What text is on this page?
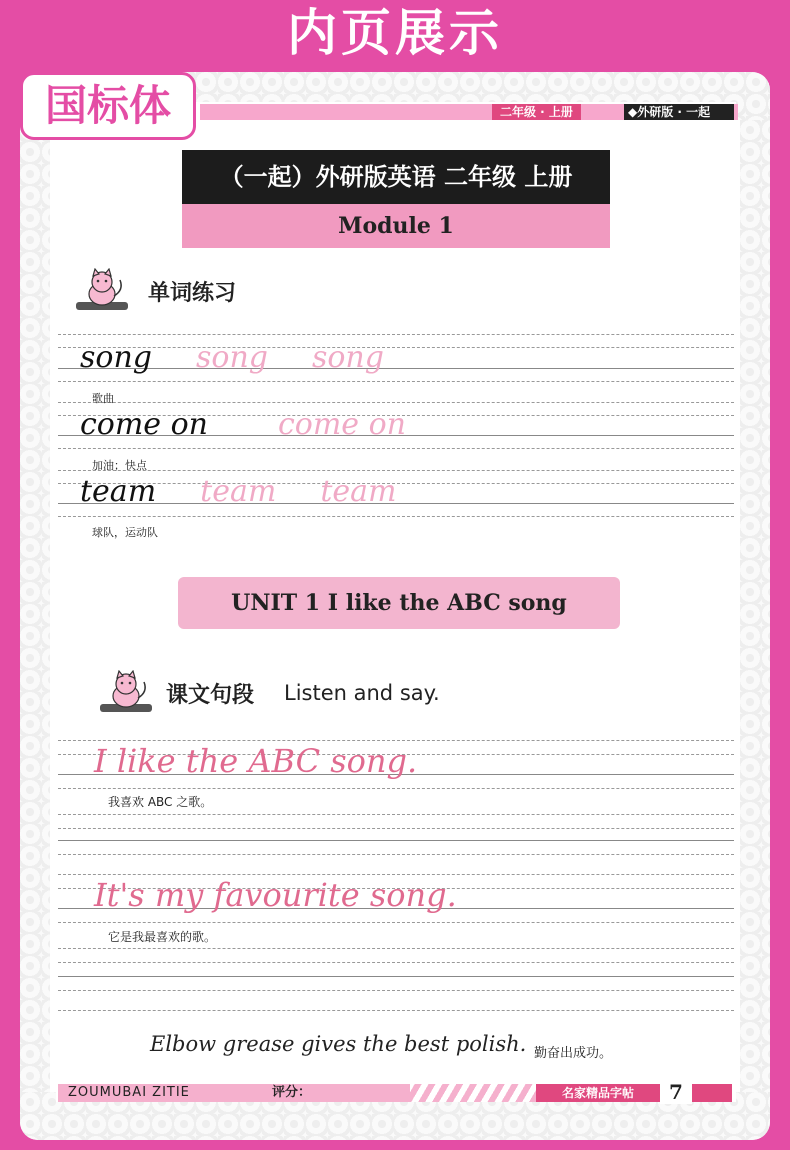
内页展示
国标体	二年级 · 上册	◆外研版 · 一起
（一起）外研版英语 二年级 上册
Module 1
单词练习
song song song
歌曲
come on come on
加油；快点
team team team
球队，运动队
UNIT 1 I like the ABC song
课文句段 Listen and say.
I like the ABC song.
我喜欢 ABC 之歌。
It's my favourite song.
它是我最喜欢的歌。
Elbow grease gives the best polish. 勤奋出成功。
ZOUMUBAI ZITIE	评分：	名家精品字帖	7
